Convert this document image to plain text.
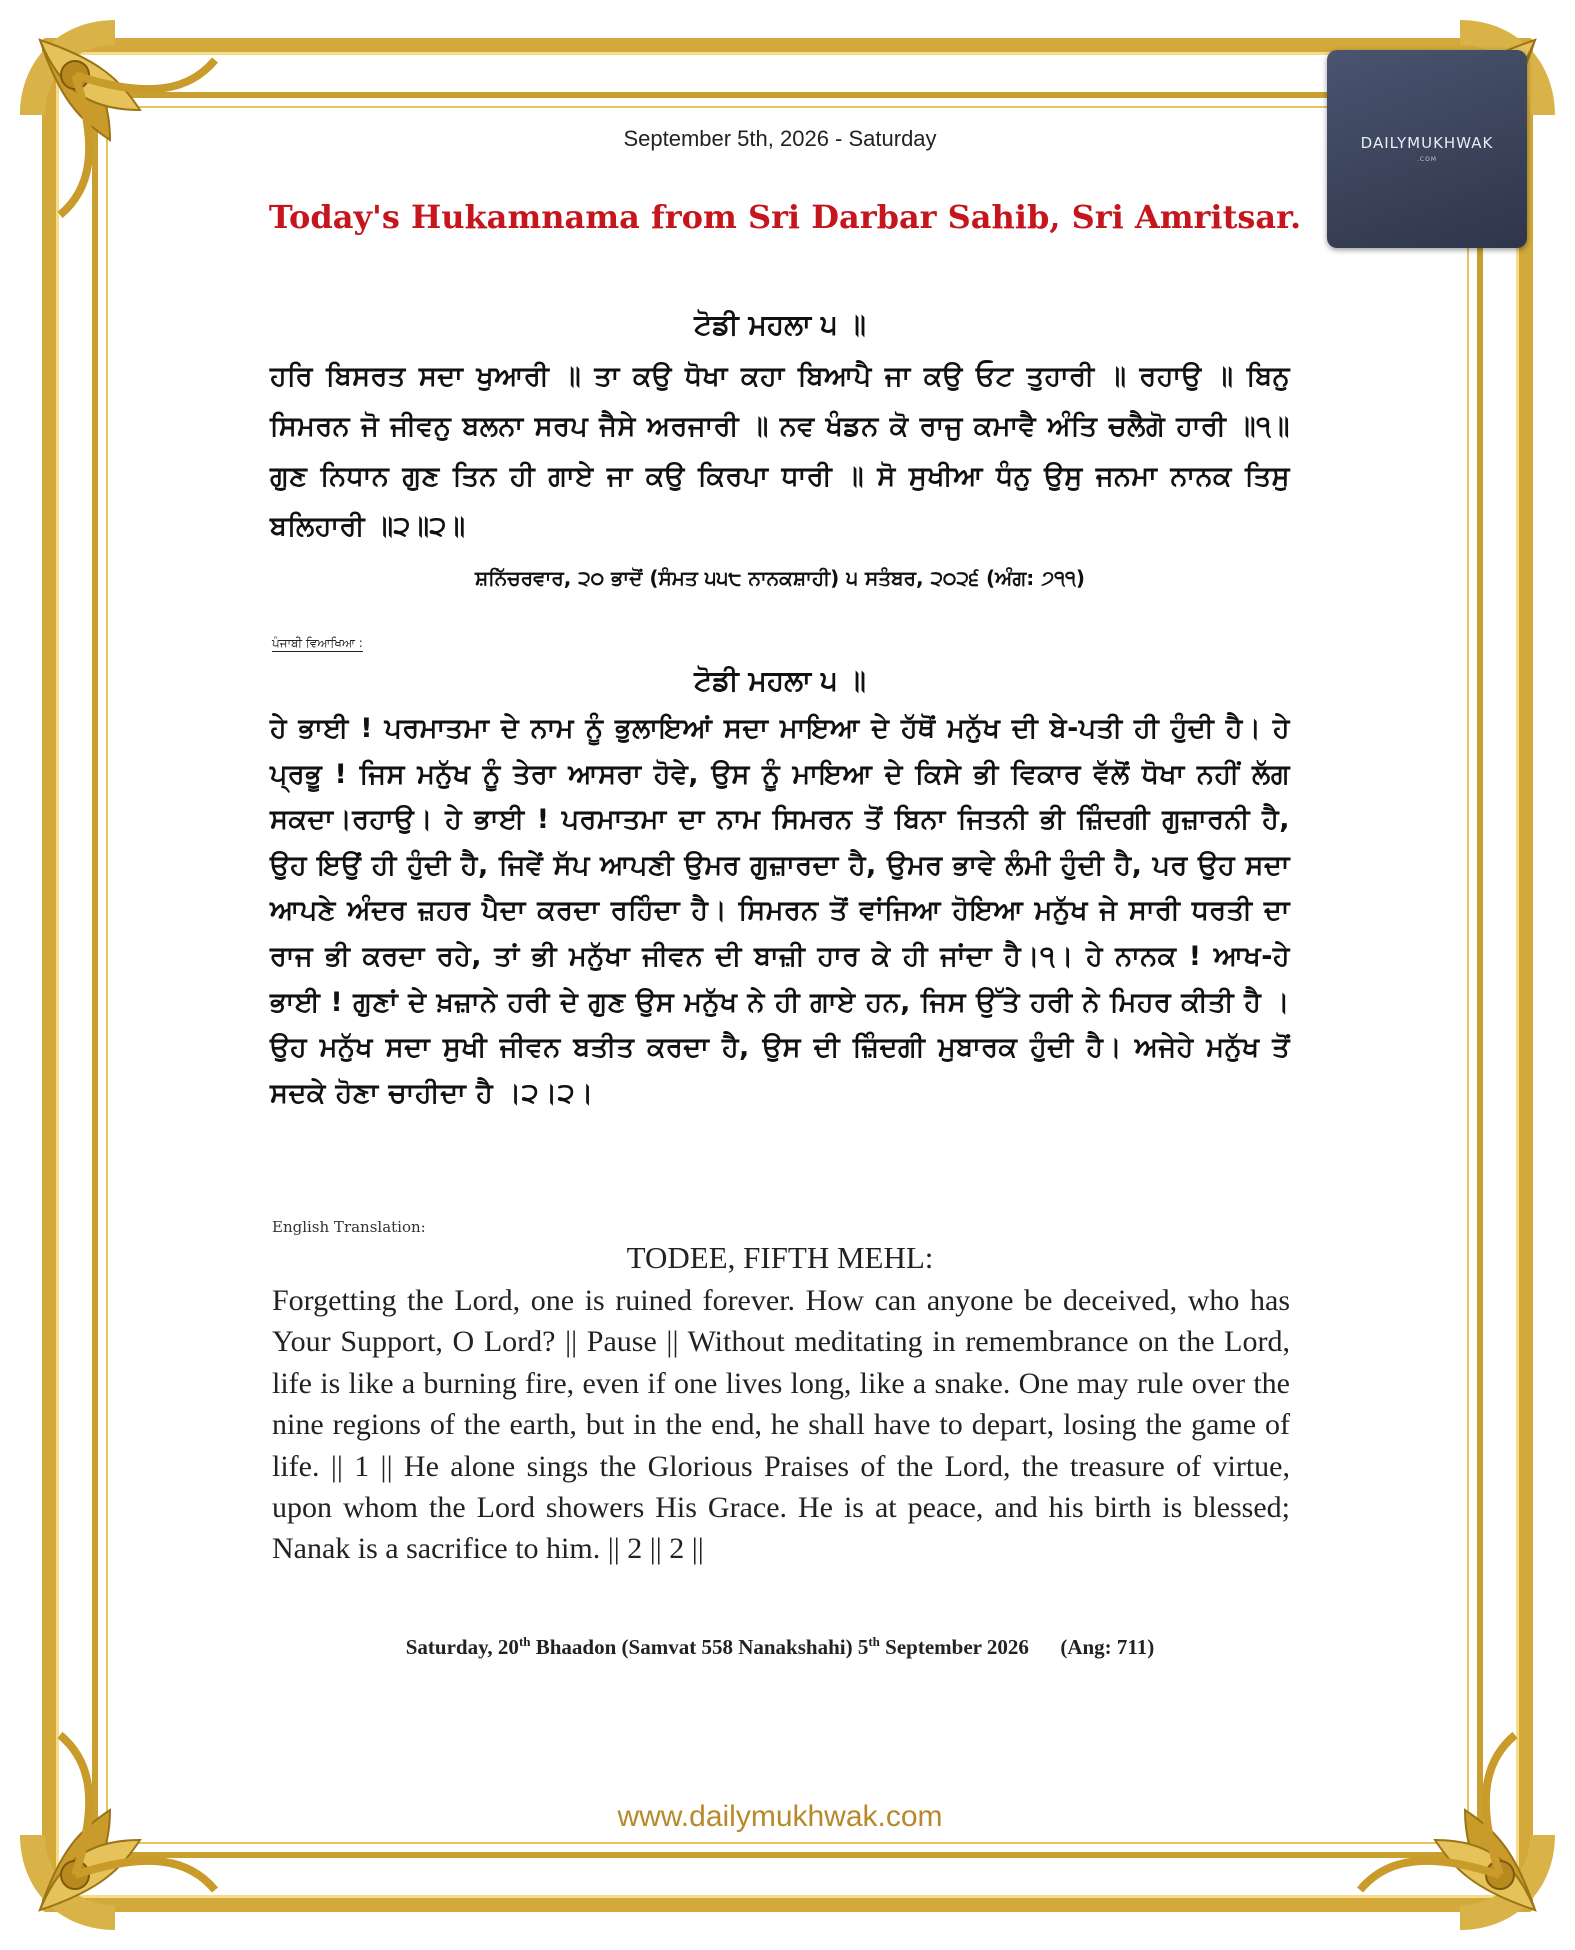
DAILYMUKHWAK
.COM
September 5th, 2026 - Saturday
Today's Hukamnama from Sri Darbar Sahib, Sri Amritsar.
ਟੋਡੀ ਮਹਲਾ ੫ ॥
ਹਰਿ ਬਿਸਰਤ ਸਦਾ ਖੁਆਰੀ ॥ ਤਾ ਕਉ ਧੋਖਾ ਕਹਾ ਬਿਆਪੈ ਜਾ ਕਉ ਓਟ ਤੁਹਾਰੀ ॥ ਰਹਾਉ ॥ ਬਿਨੁ ਸਿਮਰਨ ਜੋ ਜੀਵਨੁ ਬਲਨਾ ਸਰਪ ਜੈਸੇ ਅਰਜਾਰੀ ॥ ਨਵ ਖੰਡਨ ਕੋ ਰਾਜੁ ਕਮਾਵੈ ਅੰਤਿ ਚਲੈਗੋ ਹਾਰੀ ॥੧॥ ਗੁਣ ਨਿਧਾਨ ਗੁਣ ਤਿਨ ਹੀ ਗਾਏ ਜਾ ਕਉ ਕਿਰਪਾ ਧਾਰੀ ॥ ਸੋ ਸੁਖੀਆ ਧੰਨੁ ਉਸੁ ਜਨਮਾ ਨਾਨਕ ਤਿਸੁ ਬਲਿਹਾਰੀ ॥੨॥੨॥
ਸ਼ਨਿੱਚਰਵਾਰ, ੨੦ ਭਾਦੋਂ (ਸੰਮਤ ੫੫੮ ਨਾਨਕਸ਼ਾਹੀ) ੫ ਸਤੰਬਰ, ੨੦੨੬ (ਅੰਗ: ੭੧੧)
ਪੰਜਾਬੀ ਵਿਆਖਿਆ :
ਟੋਡੀ ਮਹਲਾ ੫ ॥
ਹੇ ਭਾਈ ! ਪਰਮਾਤਮਾ ਦੇ ਨਾਮ ਨੂੰ ਭੁਲਾਇਆਂ ਸਦਾ ਮਾਇਆ ਦੇ ਹੱਥੋਂ ਮਨੁੱਖ ਦੀ ਬੇ-ਪਤੀ ਹੀ ਹੁੰਦੀ ਹੈ। ਹੇ ਪ੍ਰਭੂ ! ਜਿਸ ਮਨੁੱਖ ਨੂੰ ਤੇਰਾ ਆਸਰਾ ਹੋਵੇ, ਉਸ ਨੂੰ ਮਾਇਆ ਦੇ ਕਿਸੇ ਭੀ ਵਿਕਾਰ ਵੱਲੋਂ ਧੋਖਾ ਨਹੀਂ ਲੱਗ ਸਕਦਾ।ਰਹਾਉ। ਹੇ ਭਾਈ ! ਪਰਮਾਤਮਾ ਦਾ ਨਾਮ ਸਿਮਰਨ ਤੋਂ ਬਿਨਾ ਜਿਤਨੀ ਭੀ ਜ਼ਿੰਦਗੀ ਗੁਜ਼ਾਰਨੀ ਹੈ, ਉਹ ਇਉਂ ਹੀ ਹੁੰਦੀ ਹੈ, ਜਿਵੇਂ ਸੱਪ ਆਪਣੀ ਉਮਰ ਗੁਜ਼ਾਰਦਾ ਹੈ, ਉਮਰ ਭਾਵੇ ਲੰਮੀ ਹੁੰਦੀ ਹੈ, ਪਰ ਉਹ ਸਦਾ ਆਪਣੇ ਅੰਦਰ ਜ਼ਹਰ ਪੈਦਾ ਕਰਦਾ ਰਹਿੰਦਾ ਹੈ। ਸਿਮਰਨ ਤੋਂ ਵਾਂਜਿਆ ਹੋਇਆ ਮਨੁੱਖ ਜੇ ਸਾਰੀ ਧਰਤੀ ਦਾ ਰਾਜ ਭੀ ਕਰਦਾ ਰਹੇ, ਤਾਂ ਭੀ ਮਨੁੱਖਾ ਜੀਵਨ ਦੀ ਬਾਜ਼ੀ ਹਾਰ ਕੇ ਹੀ ਜਾਂਦਾ ਹੈ।੧। ਹੇ ਨਾਨਕ ! ਆਖ-ਹੇ ਭਾਈ ! ਗੁਣਾਂ ਦੇ ਖ਼ਜ਼ਾਨੇ ਹਰੀ ਦੇ ਗੁਣ ਉਸ ਮਨੁੱਖ ਨੇ ਹੀ ਗਾਏ ਹਨ, ਜਿਸ ਉੱਤੇ ਹਰੀ ਨੇ ਮਿਹਰ ਕੀਤੀ ਹੈ । ਉਹ ਮਨੁੱਖ ਸਦਾ ਸੁਖੀ ਜੀਵਨ ਬਤੀਤ ਕਰਦਾ ਹੈ, ਉਸ ਦੀ ਜ਼ਿੰਦਗੀ ਮੁਬਾਰਕ ਹੁੰਦੀ ਹੈ। ਅਜੇਹੇ ਮਨੁੱਖ ਤੋਂ ਸਦਕੇ ਹੋਣਾ ਚਾਹੀਦਾ ਹੈ ।੨।੨।
English Translation:
TODEE, FIFTH MEHL:
Forgetting the Lord, one is ruined forever. How can anyone be deceived, who has Your Support, O Lord? || Pause || Without meditating in remembrance on the Lord, life is like a burning fire, even if one lives long, like a snake. One may rule over the nine regions of the earth, but in the end, he shall have to depart, losing the game of life. || 1 || He alone sings the Glorious Praises of the Lord, the treasure of virtue, upon whom the Lord showers His Grace. He is at peace, and his birth is blessed; Nanak is a sacrifice to him. || 2 || 2 ||
Saturday, 20th Bhaadon (Samvat 558 Nanakshahi) 5th September 2026 (Ang: 711)
www.dailymukhwak.com
